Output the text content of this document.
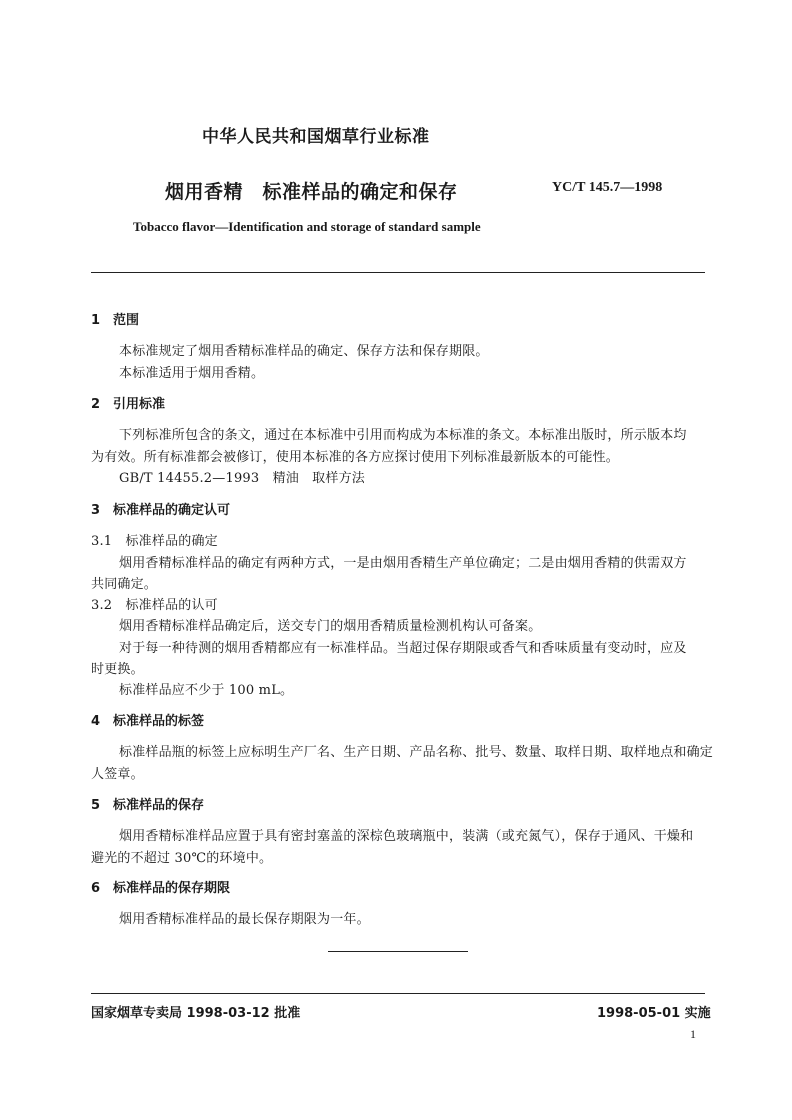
中华人民共和国烟草行业标准
烟用香精　标准样品的确定和保存	YC/T 145.7—1998
Tobacco flavor—Identification and storage of standard sample
1　范围
本标准规定了烟用香精标准样品的确定、保存方法和保存期限。
本标准适用于烟用香精。
2　引用标准
下列标准所包含的条文，通过在本标准中引用而构成为本标准的条文。本标准出版时，所示版本均
为有效。所有标准都会被修订，使用本标准的各方应探讨使用下列标准最新版本的可能性。
GB/T 14455.2—1993　精油　取样方法
3　标准样品的确定认可
3.1　标准样品的确定
烟用香精标准样品的确定有两种方式，一是由烟用香精生产单位确定；二是由烟用香精的供需双方
共同确定。
3.2　标准样品的认可
烟用香精标准样品确定后，送交专门的烟用香精质量检测机构认可备案。
对于每一种待测的烟用香精都应有一标准样品。当超过保存期限或香气和香味质量有变动时，应及
时更换。
标准样品应不少于 100 mL。
4　标准样品的标签
标准样品瓶的标签上应标明生产厂名、生产日期、产品名称、批号、数量、取样日期、取样地点和确定
人签章。
5　标准样品的保存
烟用香精标准样品应置于具有密封塞盖的深棕色玻璃瓶中，装满（或充氮气），保存于通风、干燥和
避光的不超过 30℃的环境中。
6　标准样品的保存期限
烟用香精标准样品的最长保存期限为一年。
国家烟草专卖局 1998-03-12 批准	1998-05-01 实施
1
